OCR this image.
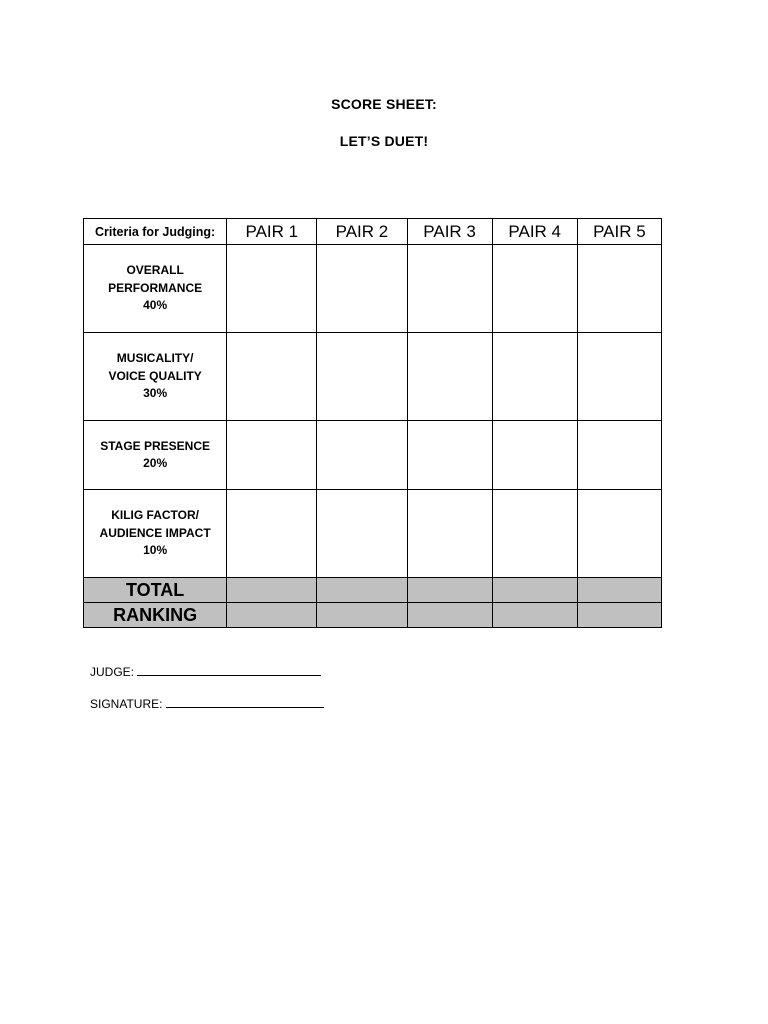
SCORE SHEET:
LET’S DUET!
Criteria for Judging:	PAIR 1	PAIR 2	PAIR 3	PAIR 4	PAIR 5

OVERALL
PERFORMANCE
40%					

MUSICALITY/
VOICE QUALITY
30%					

STAGE PRESENCE
20%					

KILIG FACTOR/
AUDIENCE IMPACT
10%					

TOTAL					
RANKING					
JUDGE:
SIGNATURE:
